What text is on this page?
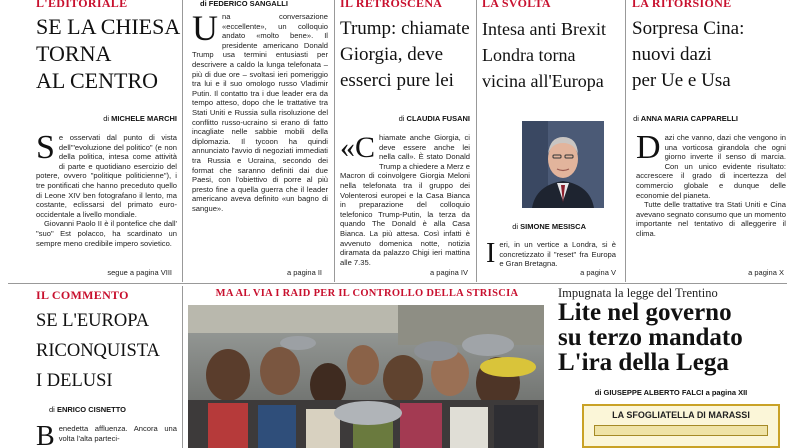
L'EDITORIALE
SE LA CHIESA
TORNA
AL CENTRO
di MICHELE MARCHI
Se osservati dal punto di vista dell'"evoluzione del politico" (e non della politica, intesa come attività di parte e quotidiano esercizio del potere, ovvero "politique politicienne"), i tre pontificati che hanno preceduto quello di Leone XIV ben fotografano il lento, ma costante, eclissarsi del primato euro-occidentale a livello mondiale.
Giovanni Paolo II è il pontefice che dall' "suo" Est polacco, ha scardinato un sempre meno credibile impero sovietico.
segue a pagina VIII
di FEDERICO SANGALLI
Una conversazione «eccellente», un colloquio andato «molto bene». Il presidente americano Donald Trump usa termini entusiasti per descrivere a caldo la lunga telefonata – più di due ore – svoltasi ieri pomeriggio tra lui e il suo omologo russo Vladimir Putin. Il contatto tra i due leader era da tempo atteso, dopo che le trattative tra Stati Uniti e Russia sulla risoluzione del conflitto russo-ucraino si erano di fatto incagliate nelle sabbie mobili della diplomazia. Il tycoon ha quindi annunciato l'avvio di negoziati immediati tra Russia e Ucraina, secondo dei format che saranno definiti dai due Paesi, con l'obiettivo di porre al più presto fine a quella guerra che il leader americano aveva definito «un bagno di sangue».
a pagina II
IL RETROSCENA
Trump: chiamate
Giorgia, deve
esserci pure lei
di CLAUDIA FUSANI
«Chiamate anche Giorgia, ci deve essere anche lei nella call». È stato Donald Trump a chiedere a Merz e Macron di coinvolgere Giorgia Meloni nella telefonata tra il gruppo dei Volenterosi europei e la Casa Bianca in preparazione del colloquio telefonico Trump-Putin, la terza da quando The Donald è alla Casa Bianca. La più attesa. Così infatti è avvenuto domenica notte, notizia diramata da palazzo Chigi ieri mattina alle 7.35.
a pagina IV
LA SVOLTA
Intesa anti Brexit
Londra torna
vicina all'Europa
di SIMONE MESISCA
Ieri, in un vertice a Londra, si è concretizzato il "reset" fra Europa e Gran Bretagna.
a pagina V
LA RITORSIONE
Sorpresa Cina:
nuovi dazi
per Ue e Usa
di ANNA MARIA CAPPARELLI
Dazi che vanno, dazi che vengono in una vorticosa girandola che ogni giorno inverte il senso di marcia. Con un unico evidente risultato: accrescere il grado di incertezza del commercio globale e dunque delle economie del pianeta.
Tutte delle trattative tra Stati Uniti e Cina avevano segnato consumo que un momento importante nel tentativo di alleggerire il clima.
a pagina X
IL COMMENTO
SE L'EUROPA
RICONQUISTA
I DELUSI
di ENRICO CISNETTO
Benedetta affluenza. Ancora una volta l'alta parteci-
MA AL VIA I RAID PER IL CONTROLLO DELLA STRISCIA	Impugnata la legge del Trentino
Lite nel governo
su terzo mandato
L'ira della Lega
di GIUSEPPE ALBERTO FALCI a pagina XII
LA SFOGLIATELLA DI MARASSI
